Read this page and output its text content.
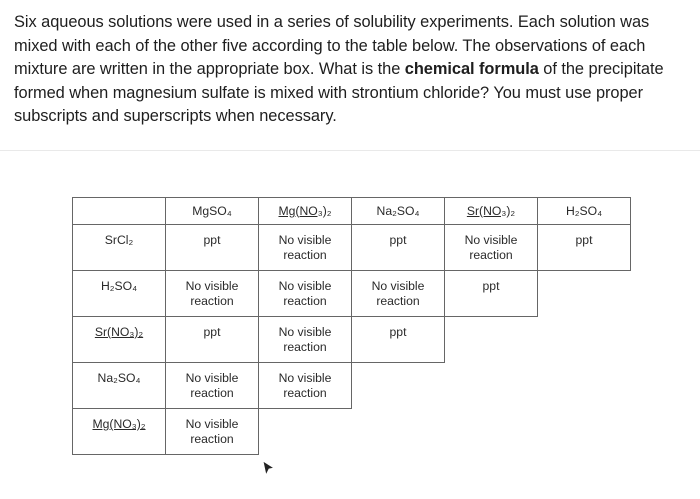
Six aqueous solutions were used in a series of solubility experiments. Each solution was mixed with each of the other five according to the table below. The observations of each mixture are written in the appropriate box. What is the chemical formula of the precipitate formed when magnesium sulfate is mixed with strontium chloride? You must use proper subscripts and superscripts when necessary.
	MgSO₄	Mg(NO₃)₂	Na₂SO₄	Sr(NO₃)₂	H₂SO₄
SrCl₂	ppt	No visible reaction	ppt	No visible reaction	ppt
H₂SO₄	No visible reaction	No visible reaction	No visible reaction	ppt	
Sr(NO₃)₂	ppt	No visible reaction	ppt		
Na₂SO₄	No visible reaction	No visible reaction			
Mg(NO₃)₂	No visible reaction				
